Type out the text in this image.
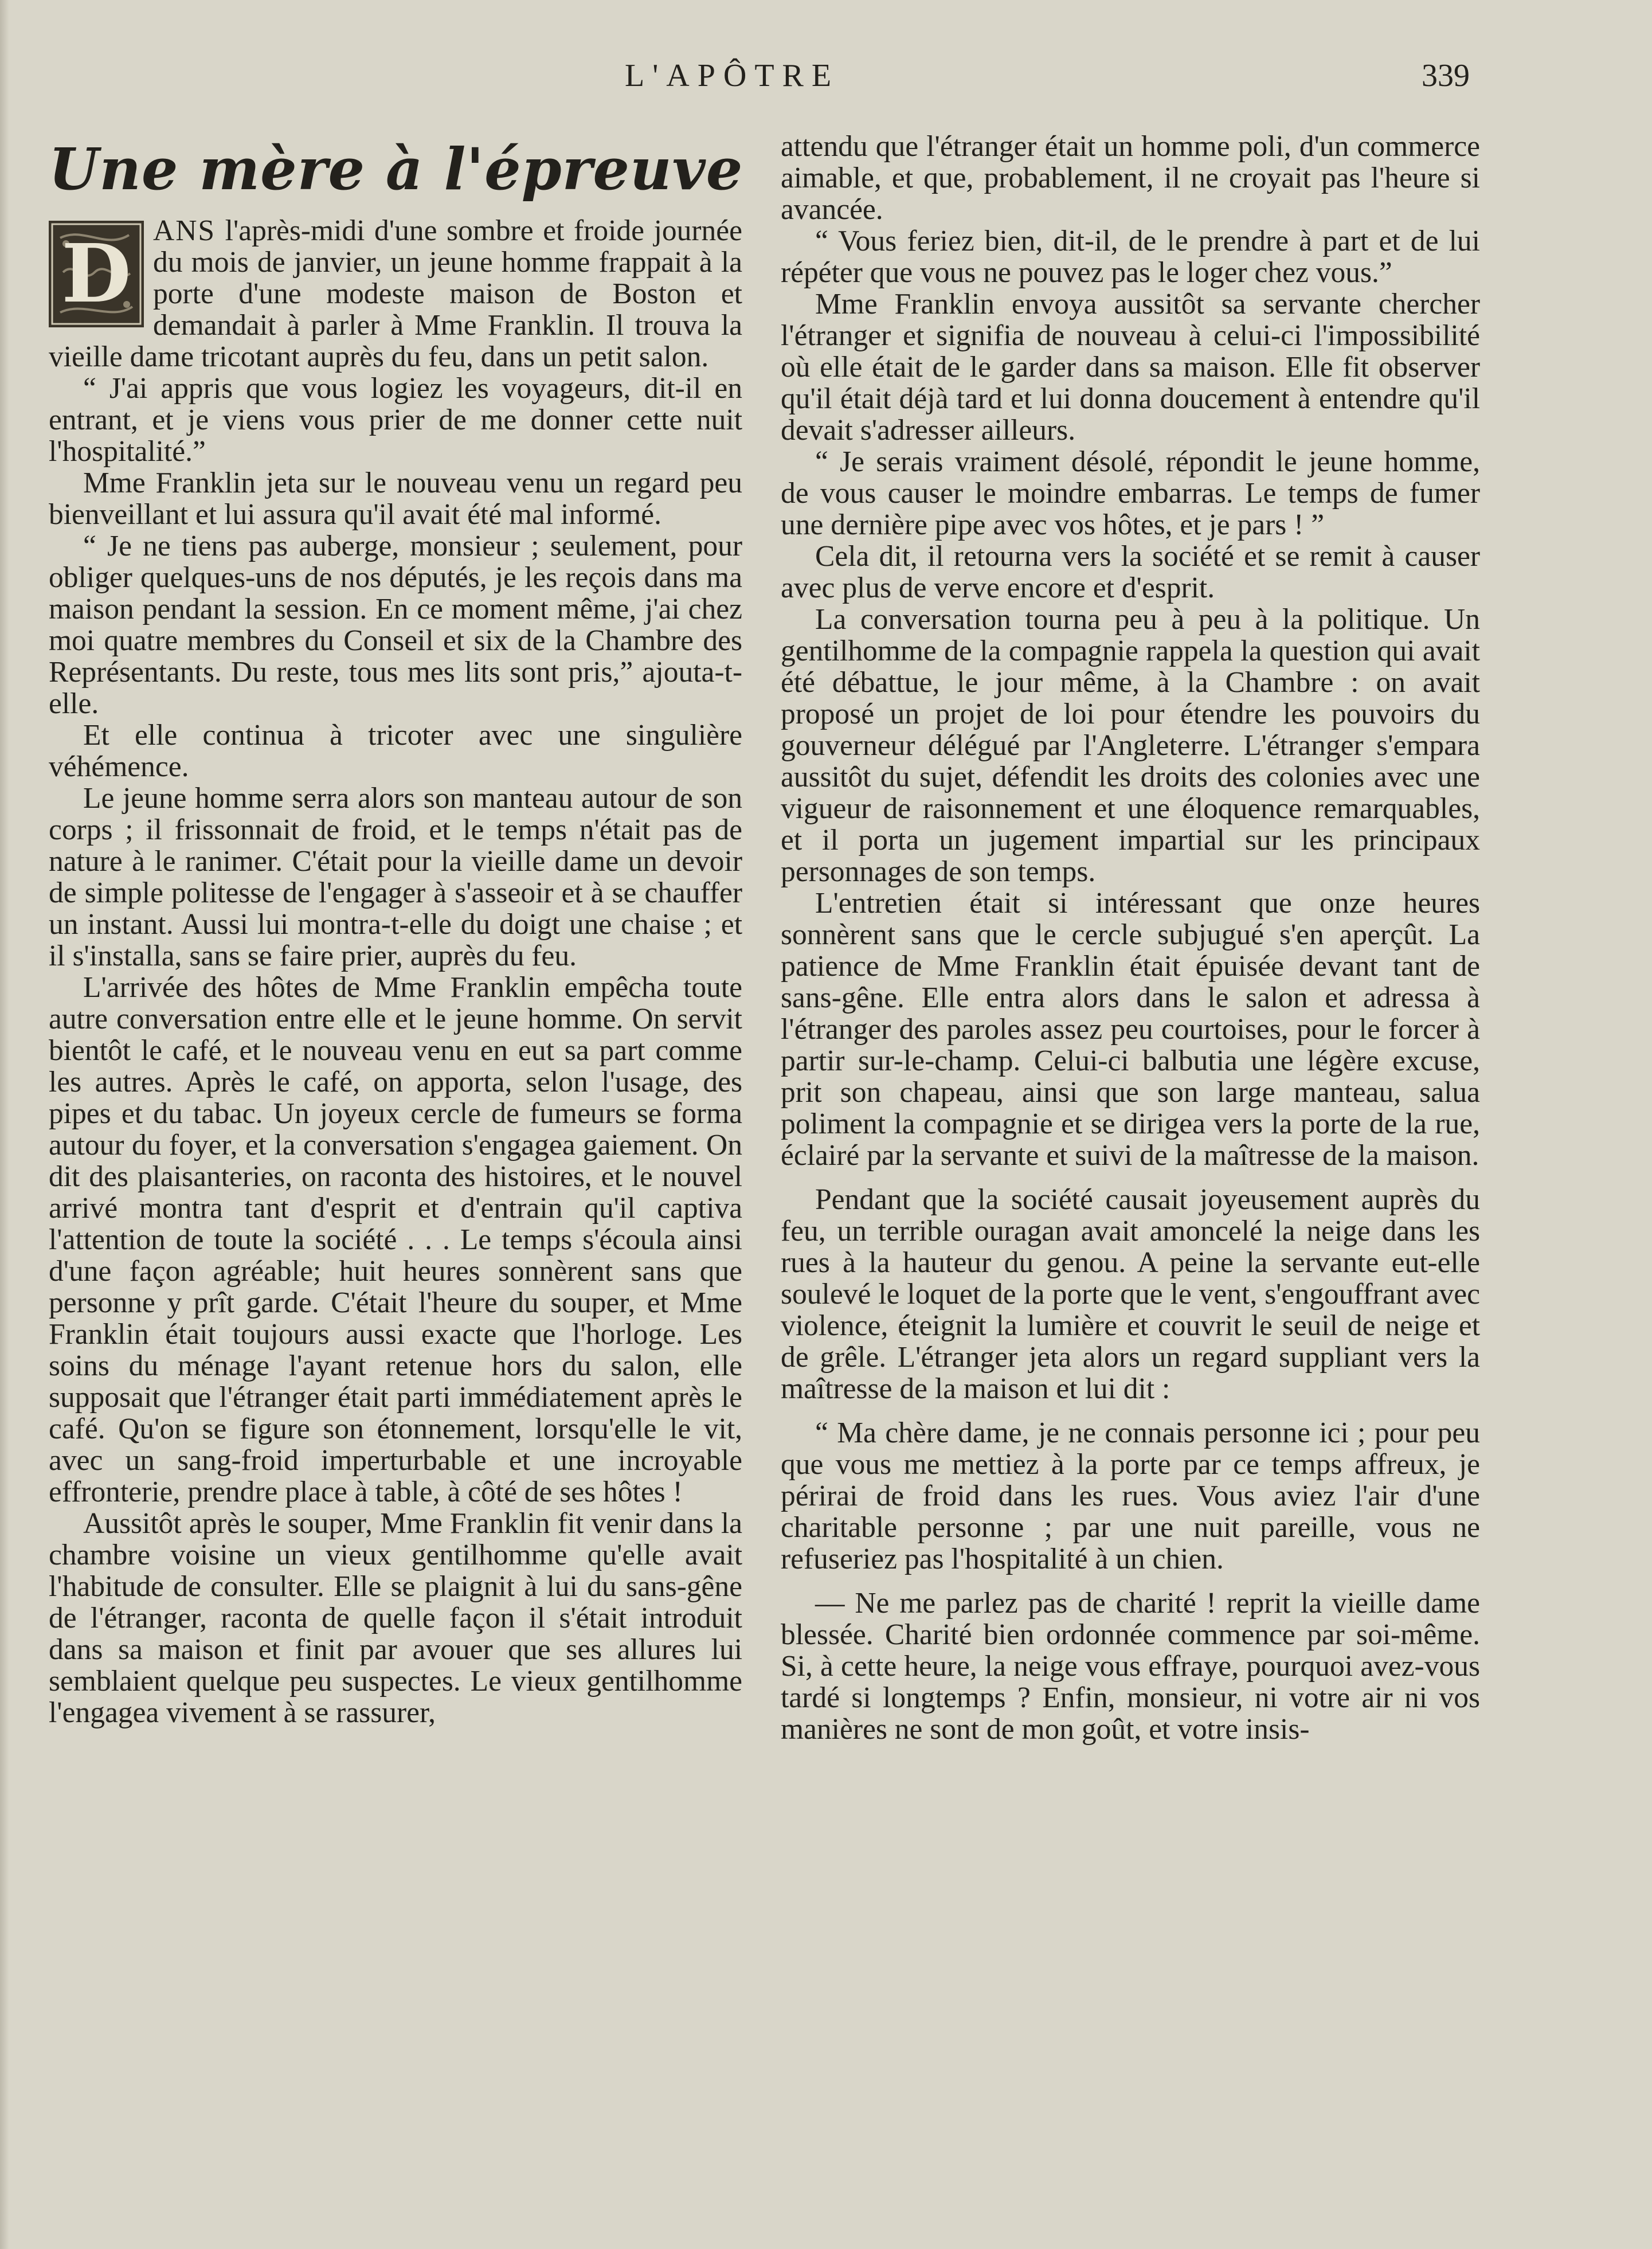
L'APÔTRE	339
Une mère à l'épreuve

D ANS l'après-midi d'une sombre et froide journée du mois de janvier, un jeune homme frappait à la porte d'une modeste maison de Boston et demandait à parler à Mme Franklin. Il trouva la vieille dame tricotant auprès du feu, dans un petit salon.

“ J'ai appris que vous logiez les voyageurs, dit-il en entrant, et je viens vous prier de me donner cette nuit l'hospitalité.”

Mme Franklin jeta sur le nouveau venu un regard peu bienveillant et lui assura qu'il avait été mal informé.

“ Je ne tiens pas auberge, monsieur ; seulement, pour obliger quelques-uns de nos députés, je les reçois dans ma maison pendant la session. En ce moment même, j'ai chez moi quatre membres du Conseil et six de la Chambre des Représentants. Du reste, tous mes lits sont pris,” ajouta-t-elle.

Et elle continua à tricoter avec une singulière véhémence.

Le jeune homme serra alors son manteau autour de son corps ; il frissonnait de froid, et le temps n'était pas de nature à le ranimer. C'était pour la vieille dame un devoir de simple politesse de l'engager à s'asseoir et à se chauffer un instant. Aussi lui montra-t-elle du doigt une chaise ; et il s'installa, sans se faire prier, auprès du feu.

L'arrivée des hôtes de Mme Franklin empêcha toute autre conversation entre elle et le jeune homme. On servit bientôt le café, et le nouveau venu en eut sa part comme les autres. Après le café, on apporta, selon l'usage, des pipes et du tabac. Un joyeux cercle de fumeurs se forma autour du foyer, et la conversation s'engagea gaiement. On dit des plaisanteries, on raconta des histoires, et le nouvel arrivé montra tant d'esprit et d'entrain qu'il captiva l'attention de toute la société . . . Le temps s'écoula ainsi d'une façon agréable; huit heures sonnèrent sans que personne y prît garde. C'était l'heure du souper, et Mme Franklin était toujours aussi exacte que l'horloge. Les soins du ménage l'ayant retenue hors du salon, elle supposait que l'étranger était parti immédiatement après le café. Qu'on se figure son étonnement, lorsqu'elle le vit, avec un sang-froid imperturbable et une incroyable effronterie, prendre place à table, à côté de ses hôtes !

Aussitôt après le souper, Mme Franklin fit venir dans la chambre voisine un vieux gentilhomme qu'elle avait l'habitude de consulter. Elle se plaignit à lui du sans-gêne de l'étranger, raconta de quelle façon il s'était introduit dans sa maison et finit par avouer que ses allures lui semblaient quelque peu suspectes. Le vieux gentilhomme l'engagea vivement à se rassurer,

attendu que l'étranger était un homme poli, d'un commerce aimable, et que, probablement, il ne croyait pas l'heure si avancée.

“ Vous feriez bien, dit-il, de le prendre à part et de lui répéter que vous ne pouvez pas le loger chez vous.”

Mme Franklin envoya aussitôt sa servante chercher l'étranger et signifia de nouveau à celui-ci l'impossibilité où elle était de le garder dans sa maison. Elle fit observer qu'il était déjà tard et lui donna doucement à entendre qu'il devait s'adresser ailleurs.

“ Je serais vraiment désolé, répondit le jeune homme, de vous causer le moindre embarras. Le temps de fumer une dernière pipe avec vos hôtes, et je pars ! ”

Cela dit, il retourna vers la société et se remit à causer avec plus de verve encore et d'esprit.

La conversation tourna peu à peu à la politique. Un gentilhomme de la compagnie rappela la question qui avait été débattue, le jour même, à la Chambre : on avait proposé un projet de loi pour étendre les pouvoirs du gouverneur délégué par l'Angleterre. L'étranger s'empara aussitôt du sujet, défendit les droits des colonies avec une vigueur de raisonnement et une éloquence remarquables, et il porta un jugement impartial sur les principaux personnages de son temps.

L'entretien était si intéressant que onze heures sonnèrent sans que le cercle subjugué s'en aperçût. La patience de Mme Franklin était épuisée devant tant de sans-gêne. Elle entra alors dans le salon et adressa à l'étranger des paroles assez peu courtoises, pour le forcer à partir sur-le-champ. Celui-ci balbutia une légère excuse, prit son chapeau, ainsi que son large manteau, salua poliment la compagnie et se dirigea vers la porte de la rue, éclairé par la servante et suivi de la maîtresse de la maison.

Pendant que la société causait joyeusement auprès du feu, un terrible ouragan avait amoncelé la neige dans les rues à la hauteur du genou. A peine la servante eut-elle soulevé le loquet de la porte que le vent, s'engouffrant avec violence, éteignit la lumière et couvrit le seuil de neige et de grêle. L'étranger jeta alors un regard suppliant vers la maîtresse de la maison et lui dit :

“ Ma chère dame, je ne connais personne ici ; pour peu que vous me mettiez à la porte par ce temps affreux, je périrai de froid dans les rues. Vous aviez l'air d'une charitable personne ; par une nuit pareille, vous ne refuseriez pas l'hospitalité à un chien.

— Ne me parlez pas de charité ! reprit la vieille dame blessée. Charité bien ordonnée commence par soi-même. Si, à cette heure, la neige vous effraye, pourquoi avez-vous tardé si longtemps ? Enfin, monsieur, ni votre air ni vos manières ne sont de mon goût, et votre insis-
